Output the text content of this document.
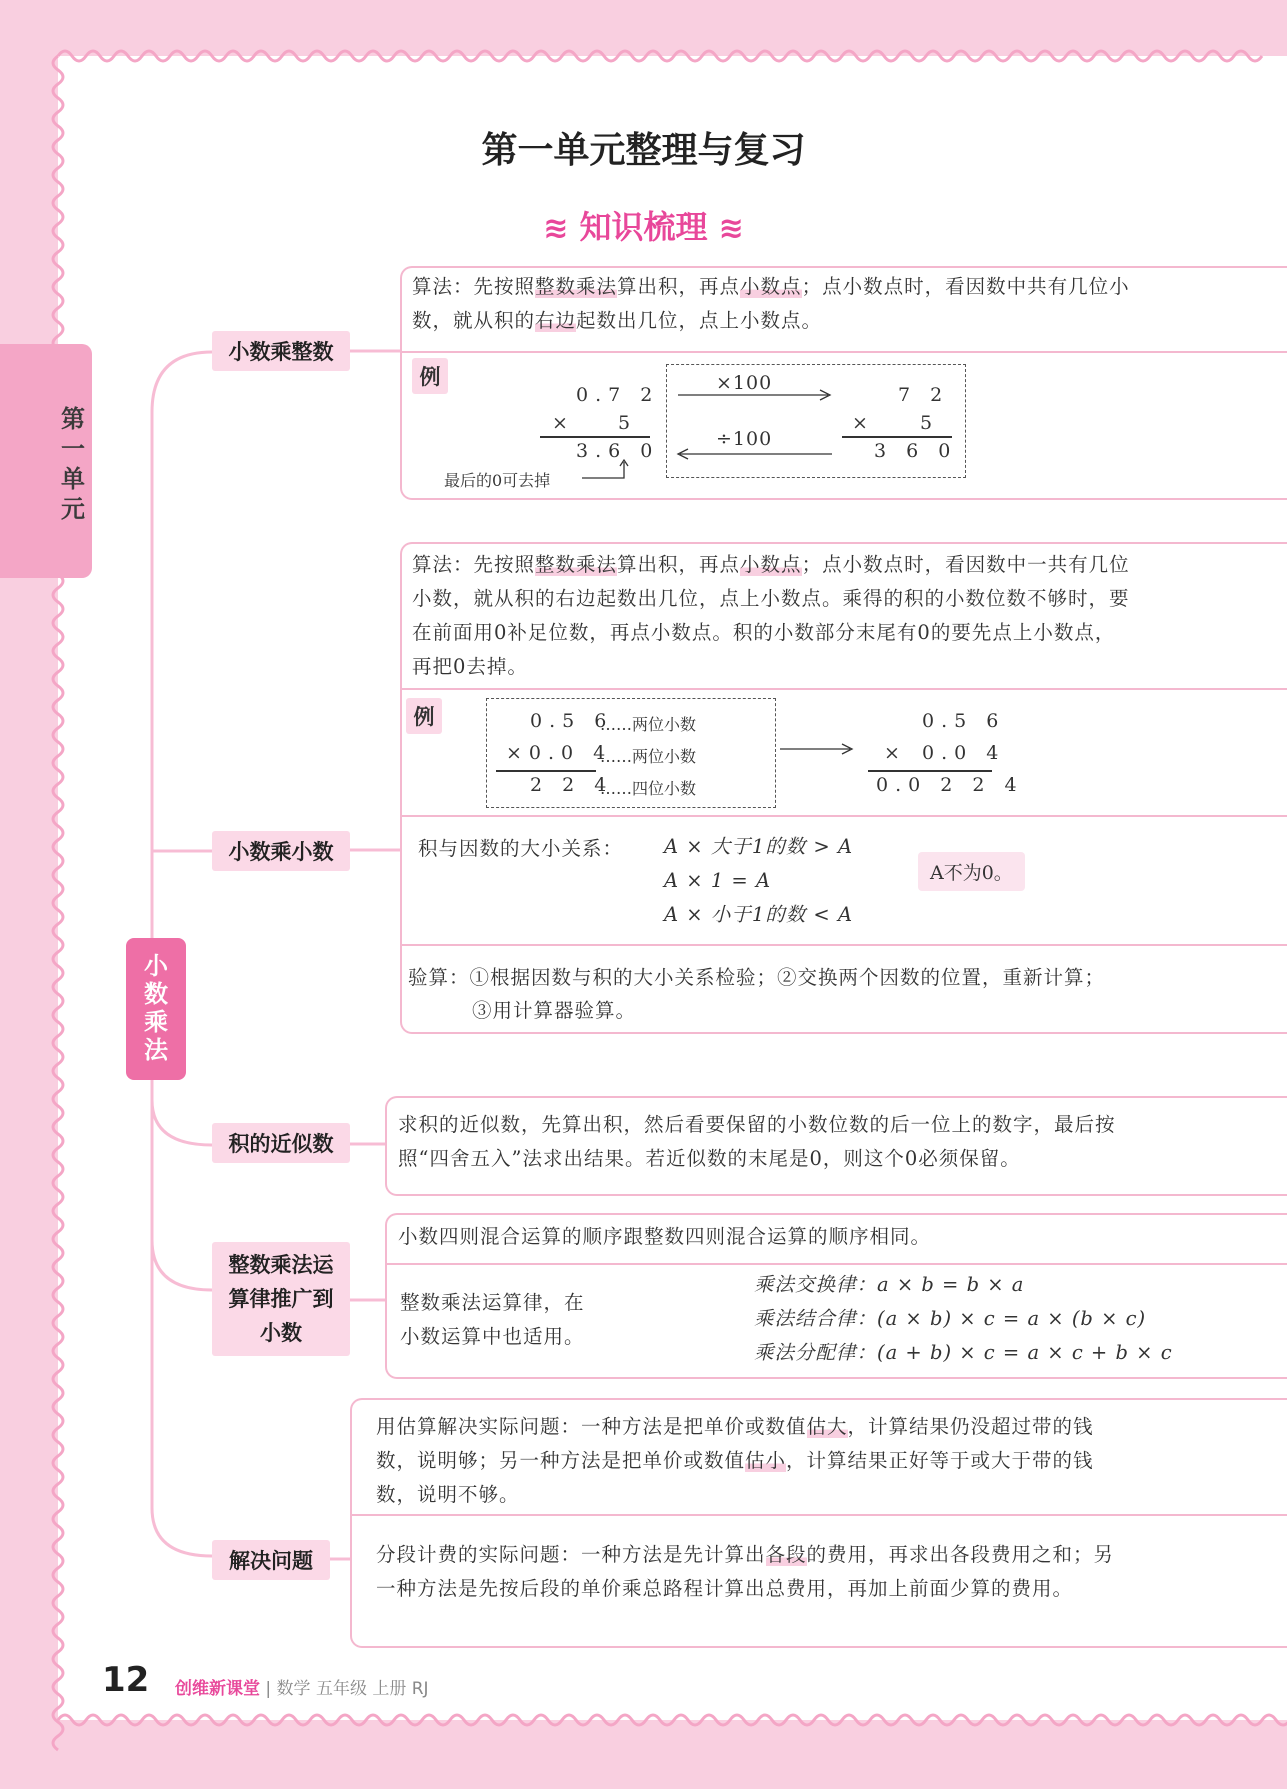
第一单元
第一单元整理与复习
≋ 知识梳理 ≋
小数乘法
小数乘整数
算法：先按照整数乘法算出积，再点小数点；点小数点时，看因数中共有几位小数，就从积的右边起数出几位，点上小数点。
例
0.7 2
× 5
3.6 0
最后的0可去掉
×100
÷100
7 2
× 5
3 6 0
小数乘小数
算法：先按照整数乘法算出积，再点小数点；点小数点时，看因数中一共有几位小数，就从积的右边起数出几位，点上小数点。乘得的积的小数位数不够时，要在前面用0补足位数，再点小数点。积的小数部分末尾有0的要先点上小数点，再把0去掉。
例	0.5 6
……两位小数
×0.0 4
……两位小数
2 2 4
……四位小数
0.5 6
× 0.0 4
0.0 2 2 4
积与因数的大小关系： A × 大于1的数 > A
A × 1 = A
A × 小于1的数 < A
A不为0。
验算：①根据因数与积的大小关系检验；②交换两个因数的位置，重新计算；
③用计算器验算。
积的近似数
求积的近似数，先算出积，然后看要保留的小数位数的后一位上的数字，最后按照“四舍五入”法求出结果。若近似数的末尾是0，则这个0必须保留。
整数乘法运算律推广到小数
小数四则混合运算的顺序跟整数四则混合运算的顺序相同。
整数乘法运算律，在小数运算中也适用。
乘法交换律：a × b = b × a
乘法结合律：(a × b) × c = a × (b × c)
乘法分配律：(a + b) × c = a × c + b × c
解决问题
用估算解决实际问题：一种方法是把单价或数值估大，计算结果仍没超过带的钱数，说明够；另一种方法是把单价或数值估小，计算结果正好等于或大于带的钱数，说明不够。
分段计费的实际问题：一种方法是先计算出各段的费用，再求出各段费用之和；另一种方法是先按后段的单价乘总路程计算出总费用，再加上前面少算的费用。
12 创维新课堂 | 数学 五年级 上册 RJ
